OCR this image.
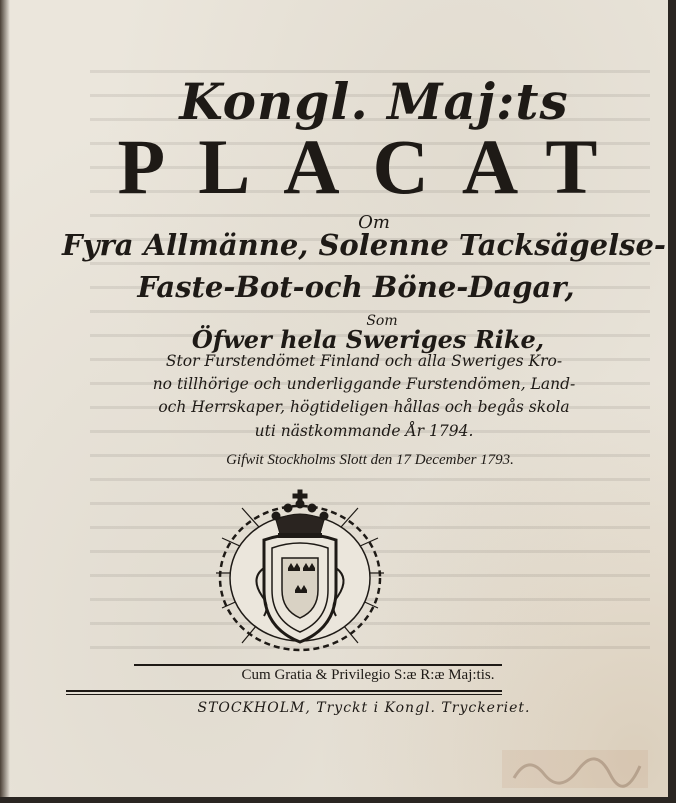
Kongl. Maj:ts
PLACAT
Om
Fyra Allmänne, Solenne Tacksägelse-
Faste-Bot-och Böne-Dagar,
Som
Öfwer hela Sweriges Rike,
Stor Furstendömet Finland och alla Sweriges Kro-
no tillhörige och underliggande Furstendömen, Land-
och Herrskaper, högtideligen hållas och begås skola
uti nästkommande År 1794.
Gifwit Stockholms Slott den 17 December 1793.
Cum Gratia & Privilegio S:æ R:æ Maj:tis.
STOCKHOLM, Tryckt i Kongl. Tryckeriet.
